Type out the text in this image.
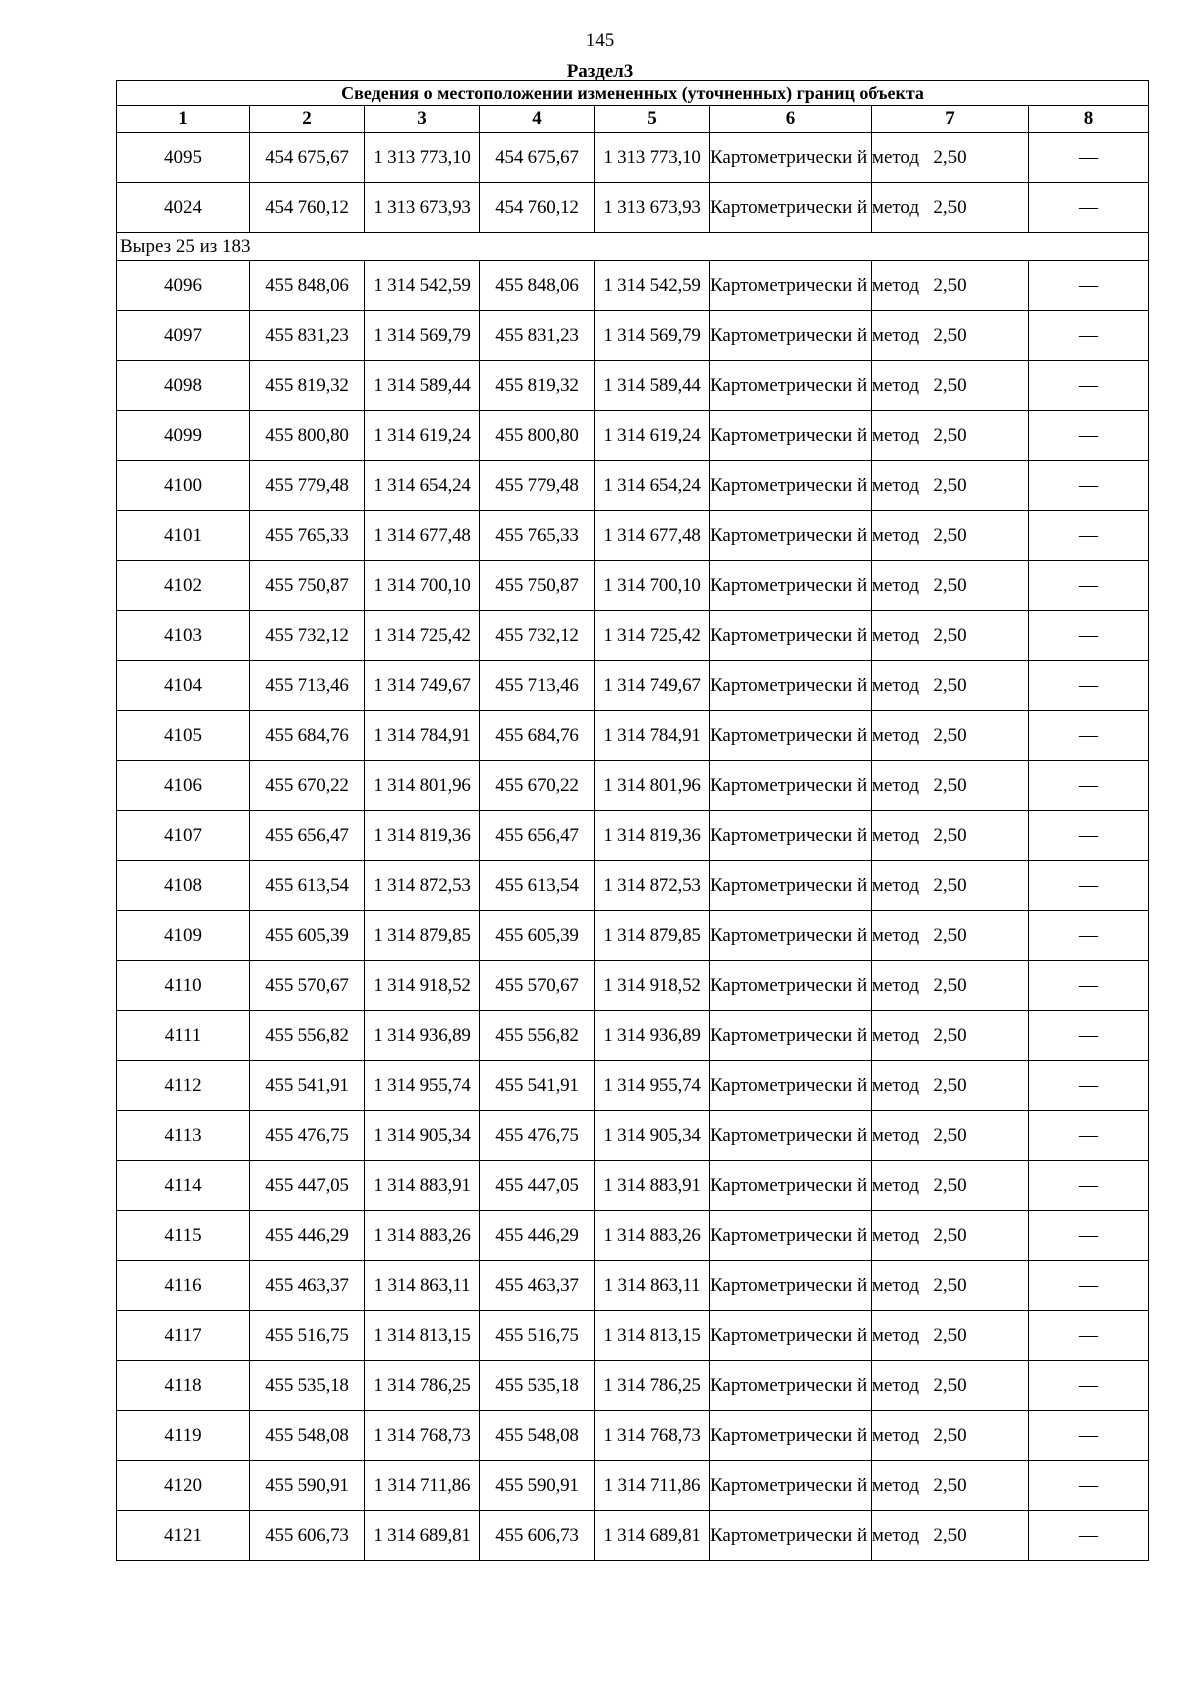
145
Раздел3
Сведения о местоположении измененных (уточненных) границ объекта							
1	2	3	4	5	6	7	8
4095	454 675,67	1 313 773,10	454 675,67	1 313 773,10	Картометрически й метод	2,50	—
4024	454 760,12	1 313 673,93	454 760,12	1 313 673,93	Картометрически й метод	2,50	—
Вырез 25 из 183							
4096	455 848,06	1 314 542,59	455 848,06	1 314 542,59	Картометрически й метод	2,50	—
4097	455 831,23	1 314 569,79	455 831,23	1 314 569,79	Картометрически й метод	2,50	—
4098	455 819,32	1 314 589,44	455 819,32	1 314 589,44	Картометрически й метод	2,50	—
4099	455 800,80	1 314 619,24	455 800,80	1 314 619,24	Картометрически й метод	2,50	—
4100	455 779,48	1 314 654,24	455 779,48	1 314 654,24	Картометрически й метод	2,50	—
4101	455 765,33	1 314 677,48	455 765,33	1 314 677,48	Картометрически й метод	2,50	—
4102	455 750,87	1 314 700,10	455 750,87	1 314 700,10	Картометрически й метод	2,50	—
4103	455 732,12	1 314 725,42	455 732,12	1 314 725,42	Картометрически й метод	2,50	—
4104	455 713,46	1 314 749,67	455 713,46	1 314 749,67	Картометрически й метод	2,50	—
4105	455 684,76	1 314 784,91	455 684,76	1 314 784,91	Картометрически й метод	2,50	—
4106	455 670,22	1 314 801,96	455 670,22	1 314 801,96	Картометрически й метод	2,50	—
4107	455 656,47	1 314 819,36	455 656,47	1 314 819,36	Картометрически й метод	2,50	—
4108	455 613,54	1 314 872,53	455 613,54	1 314 872,53	Картометрически й метод	2,50	—
4109	455 605,39	1 314 879,85	455 605,39	1 314 879,85	Картометрически й метод	2,50	—
4110	455 570,67	1 314 918,52	455 570,67	1 314 918,52	Картометрически й метод	2,50	—
4111	455 556,82	1 314 936,89	455 556,82	1 314 936,89	Картометрически й метод	2,50	—
4112	455 541,91	1 314 955,74	455 541,91	1 314 955,74	Картометрически й метод	2,50	—
4113	455 476,75	1 314 905,34	455 476,75	1 314 905,34	Картометрически й метод	2,50	—
4114	455 447,05	1 314 883,91	455 447,05	1 314 883,91	Картометрически й метод	2,50	—
4115	455 446,29	1 314 883,26	455 446,29	1 314 883,26	Картометрически й метод	2,50	—
4116	455 463,37	1 314 863,11	455 463,37	1 314 863,11	Картометрически й метод	2,50	—
4117	455 516,75	1 314 813,15	455 516,75	1 314 813,15	Картометрически й метод	2,50	—
4118	455 535,18	1 314 786,25	455 535,18	1 314 786,25	Картометрически й метод	2,50	—
4119	455 548,08	1 314 768,73	455 548,08	1 314 768,73	Картометрически й метод	2,50	—
4120	455 590,91	1 314 711,86	455 590,91	1 314 711,86	Картометрически й метод	2,50	—
4121	455 606,73	1 314 689,81	455 606,73	1 314 689,81	Картометрически й метод	2,50	—
